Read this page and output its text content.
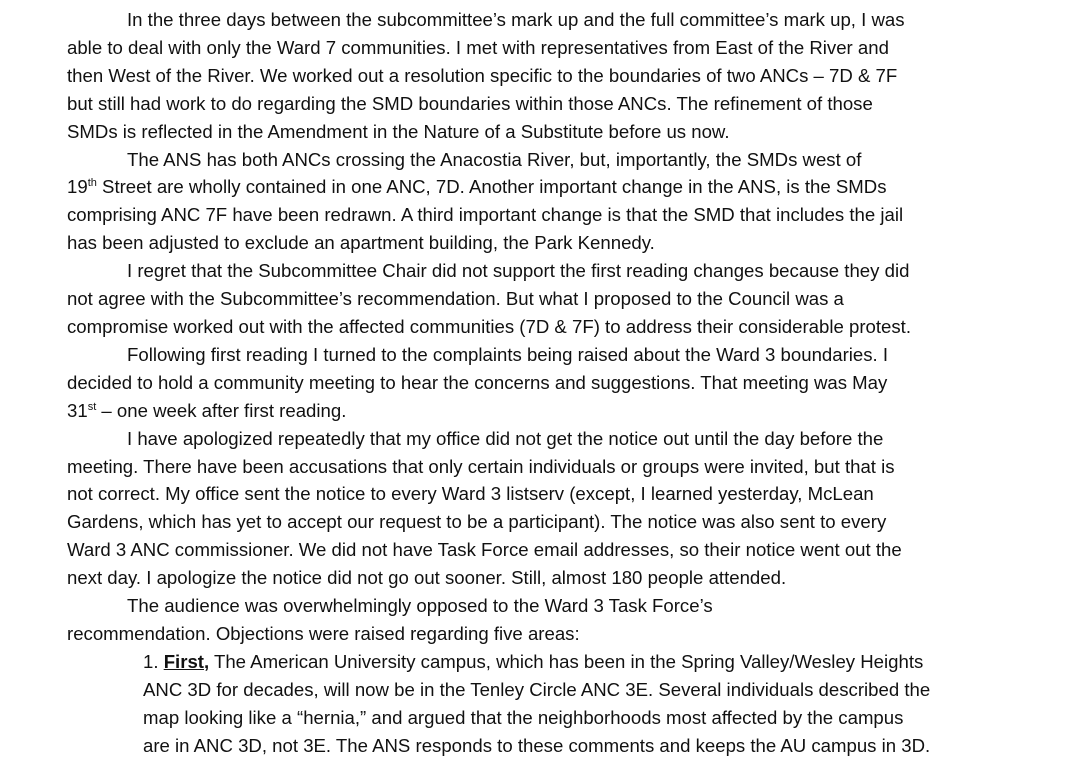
In the three days between the subcommittee’s mark up and the full committee’s mark up, I was
able to deal with only the Ward 7 communities. I met with representatives from East of the River and
then West of the River. We worked out a resolution specific to the boundaries of two ANCs – 7D & 7F
but still had work to do regarding the SMD boundaries within those ANCs. The refinement of those
SMDs is reflected in the Amendment in the Nature of a Substitute before us now.

The ANS has both ANCs crossing the Anacostia River, but, importantly, the SMDs west of
19th Street are wholly contained in one ANC, 7D. Another important change in the ANS, is the SMDs
comprising ANC 7F have been redrawn. A third important change is that the SMD that includes the jail
has been adjusted to exclude an apartment building, the Park Kennedy.

I regret that the Subcommittee Chair did not support the first reading changes because they did
not agree with the Subcommittee’s recommendation. But what I proposed to the Council was a
compromise worked out with the affected communities (7D & 7F) to address their considerable protest.

Following first reading I turned to the complaints being raised about the Ward 3 boundaries. I
decided to hold a community meeting to hear the concerns and suggestions. That meeting was May
31st – one week after first reading.

I have apologized repeatedly that my office did not get the notice out until the day before the
meeting. There have been accusations that only certain individuals or groups were invited, but that is
not correct. My office sent the notice to every Ward 3 listserv (except, I learned yesterday, McLean
Gardens, which has yet to accept our request to be a participant). The notice was also sent to every
Ward 3 ANC commissioner. We did not have Task Force email addresses, so their notice went out the
next day. I apologize the notice did not go out sooner. Still, almost 180 people attended.

The audience was overwhelmingly opposed to the Ward 3 Task Force’s
recommendation. Objections were raised regarding five areas:

1. First, The American University campus, which has been in the Spring Valley/Wesley Heights
ANC 3D for decades, will now be in the Tenley Circle ANC 3E. Several individuals described the
map looking like a “hernia,” and argued that the neighborhoods most affected by the campus
are in ANC 3D, not 3E. The ANS responds to these comments and keeps the AU campus in 3D.
